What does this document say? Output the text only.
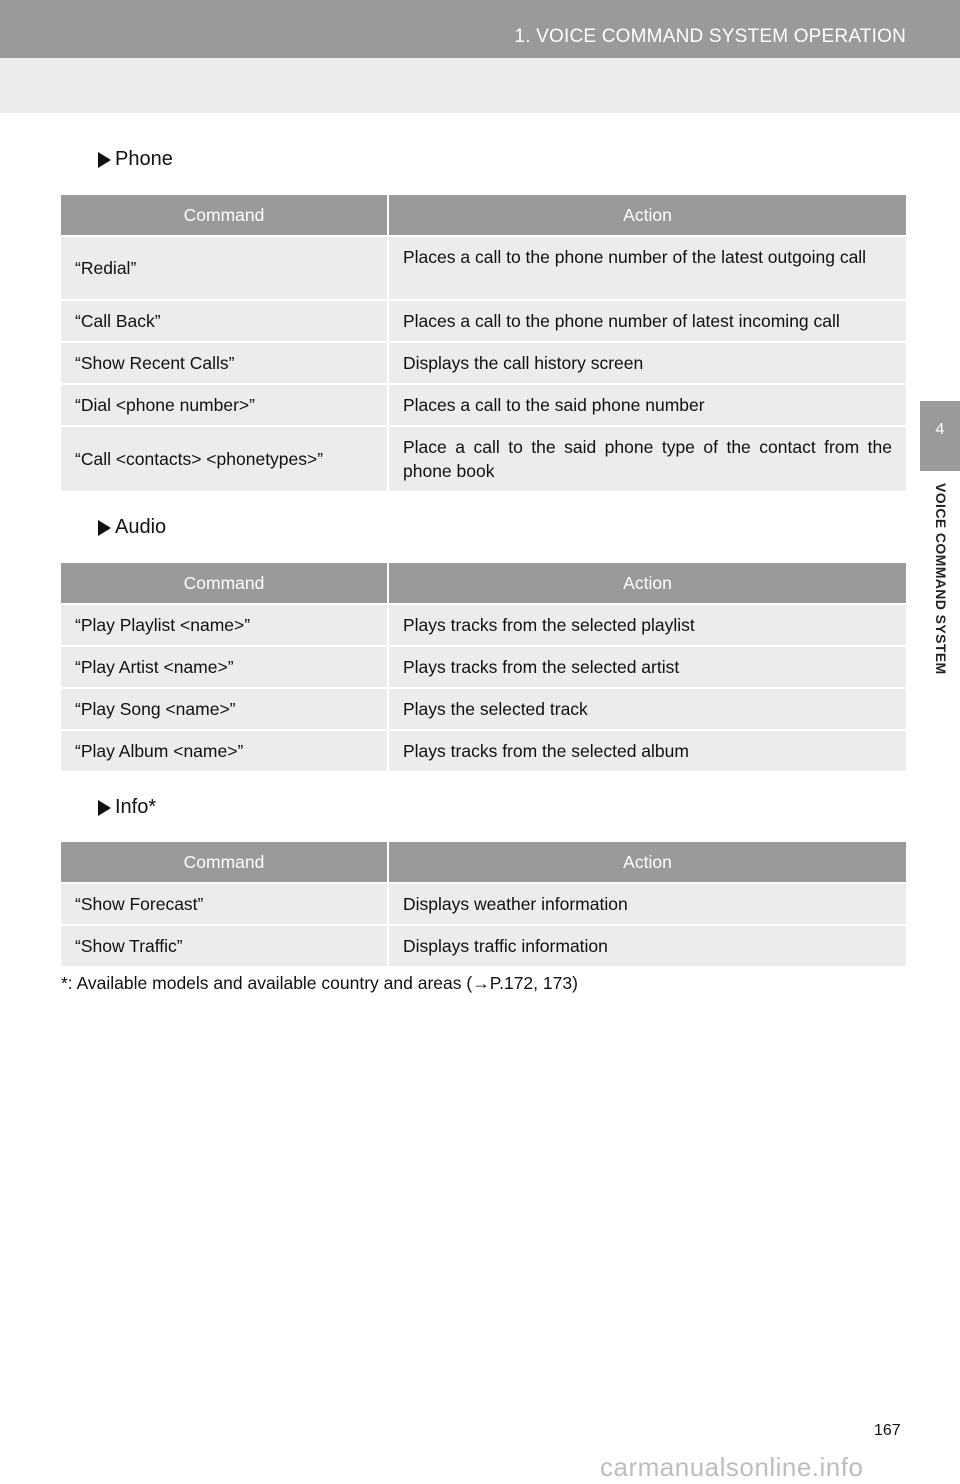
1. VOICE COMMAND SYSTEM OPERATION
4
VOICE COMMAND SYSTEM
Phone
Command	Action
“Redial”	Places a call to the phone number of the latest outgoing call
“Call Back”	Places a call to the phone number of latest incoming call
“Show Recent Calls”	Displays the call history screen
“Dial <phone number>”	Places a call to the said phone number
“Call <contacts> <phonetypes>”	Place a call to the said phone type of the contact from the phone book
Audio
Command	Action
“Play Playlist <name>”	Plays tracks from the selected playlist
“Play Artist <name>”	Plays tracks from the selected artist
“Play Song <name>”	Plays the selected track
“Play Album <name>”	Plays tracks from the selected album
Info*
Command	Action
“Show Forecast”	Displays weather information
“Show Traffic”	Displays traffic information
*: Available models and available country and areas (→P.172, 173)
167
carmanualsonline.info
